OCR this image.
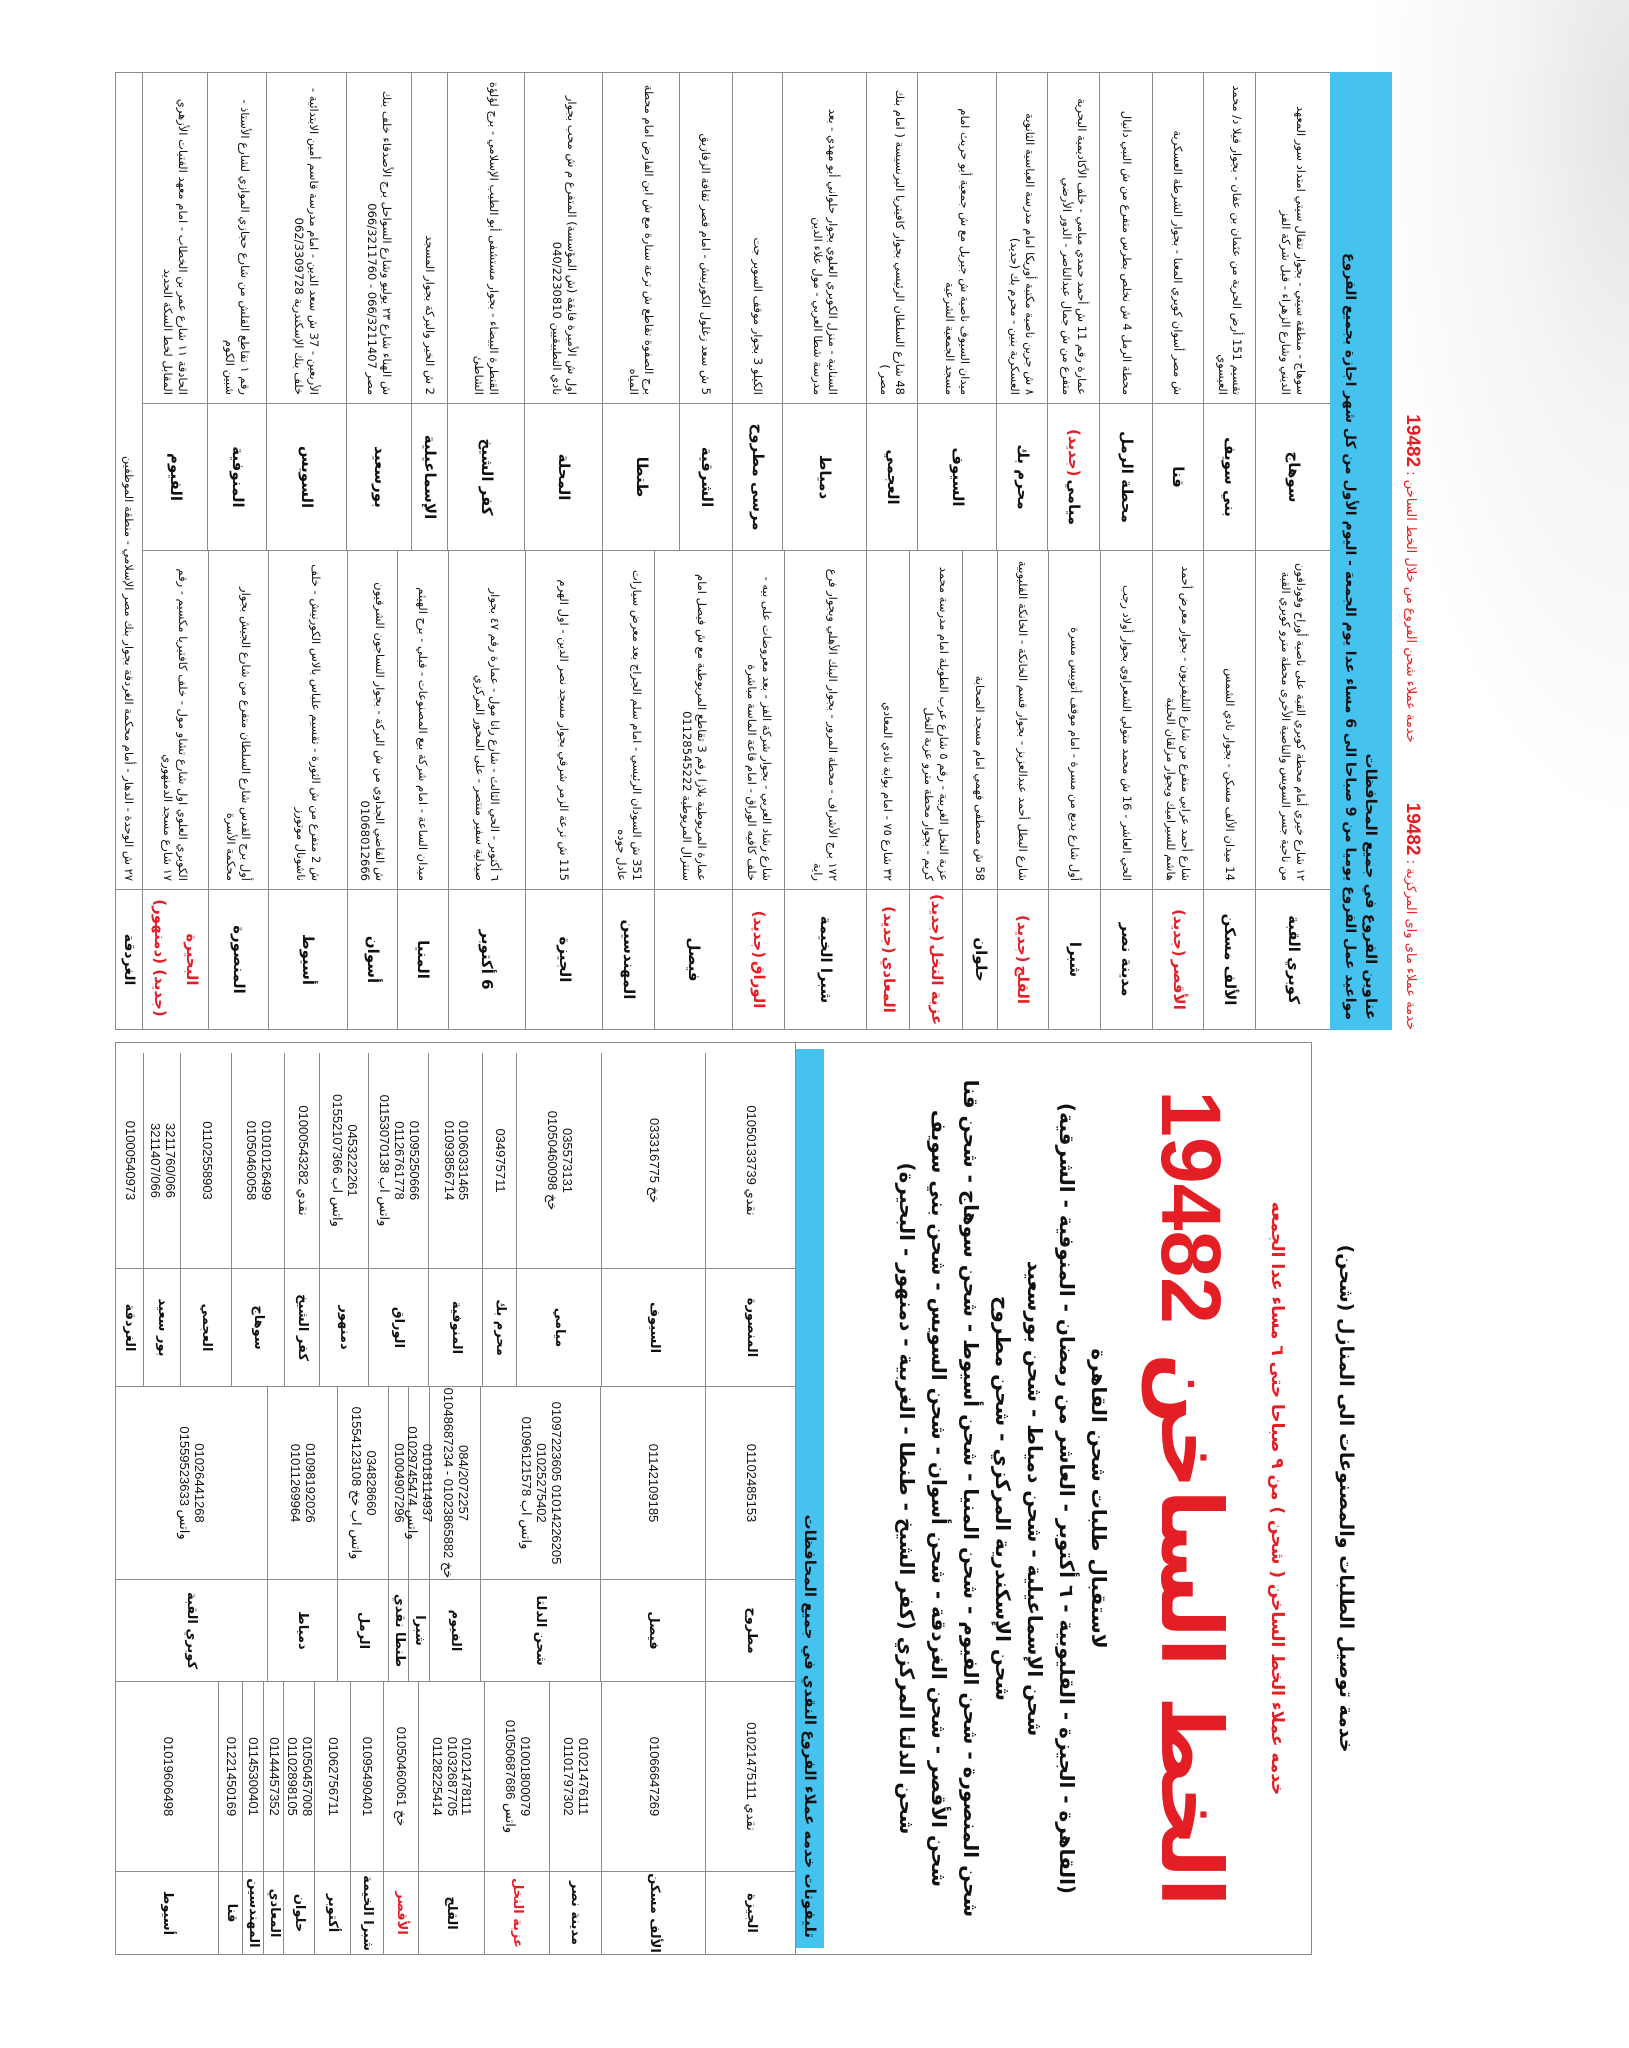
خدمة عملاء ماى واى المركزية : 19482
خدمة عملاء شحن الفروع من خلال الخط الساخن : 19482
عناوين الفروع في جميع المحافظات
مواعيد عمل الفروع يوميا من 9 صباحا الى 6 مساء عدا يوم الجمعة - اليوم الأول من كل شهر اجازة بجميع الفروع
كوبري القبة
١٢ شارع خيري أمام محطة كوبري القبة على ناصية أوراح وفودافون من ناحية جسر السويس والناصية الأخرى محطة مترو كوبري القبة
الألف مسكن
14 ميدان الألف مسكن - بجوار نادي الشمس
الأقصر
(جديد)
شارع أحمد عرابي متفرع من شارع التليفزيون - بجوار معرض أحمد هاشم للسيراميك وبجوار مزلقان الحلبة
مدينة نصر
الحي العاشر - 16 ش محمد متولي الشعراوي بجوار أولاد رجب
شبرا
أول شارع بديع من مسرة - امام موقف أتوبيس مسرة
القلج
(جديد)
شارع البطل أحمد عبدالعزيز - بجوار قسم الخانكة - الخانكة القليوبية
حلوان
58 ش مصطفى فهمي امام مسجد الصحابة
عزبة النخل
(جديد)
عزبة النخل الغربية - رقم ٥ شارع عرب الطويلة امام مدرسة محمد كريم - بجوار محطة مترو عزبة النخل
المعادي
(جديد)
٣٢ شارع ٧٥ - امام بوابة نادي المعادي
شبرا الخيمة
١٧٢ برج الأشراف - محطة المرور - بجوار البنك الأهلي وبجوار فرع راية
الوراق
(جديد)
شارع رشاد العربي - بجوار شركة الفز - بعد معروضات على بيه - خلف كافيه الوراق - امام قاعة الماسة مباشرة
فيصل
عمارة المريوطية بلازا رقم 3 تقاطع المريوطية مع ش فيصل امام سنترال المريوطية 01128545222
المهندسين
351 ش السودان الرئيسي - امام سلم الجراج بعد معرض سيارات عادل جوده
الجيزة
115 ش ترعة الزمر شرقي بجوار مسجد نصر الدين - اول الهرم
6 أكتوبر
٦ أكتوبر - الحي الثالث - شارع رانا مول - عمارة رقم ٤٧ بجوار صيدلية سفير منتصر - على المحور المركزي
المنيا
ميدان الساعة - امام شركة بيع المصنوعات - قبلي - برج الهيثم
أسوان
ش القاضي الجداوي من ش البركة - بجوار النساجون الشرقيون 01068012666
أسيوط
ش 2 متفرع من ش الثورة - تقسيم علباس بالاس الكورنيش - خلف ناشونال موتورز
المنصورة
أول برج القدس شارع السلطان متفرع من شارع الجيش بجوار محكمة الأسرة
البحيرة
(جديد) (دمنهور)
الكوبري العلوي اول شارع تشاو مول - خلف كافتيريا مكسيم - رقم ١٧ شارع مسجد الدمنهوري
سوهاج
سوهاج - منطقة سيتي - بجوار نتفال سيتي امتداد سور المعهد الديني وشارع الزهراء - قبل شركة الفز
بني سويف
تقسيم 151 أرض الحرية من عثمان بن عفان - بجوار فيلا د/ محمد العيسوي
قنا
ش مصر أسوان كوبري المعنا - بجوار الشرطة العسكرية
محطة الرمل
محطة الرمل 4 ش نخلص بطرس متفرع من ش النبي دانيال
ميامي
(جديد)
عمارة رقم 11 ش أحمد حمدي ميامي - خلف الأكاديمية البحرية متفرع من ش جمال عبدالناصر - الدور الأرضي
محرم بك
٨ ش جرين ناصية مكتبة أوريكا امام مدرسة العباسية الثانوية العسكرية بنين - محرم بك (جديد)
السيوف
ميدان السيوف ناصية ش جبريل مع ش جمعية أبو حريث امام مسجد الجمعية الشرعية
العجمي
48 شارع السلطان الرئيسي بجوار كافيتريا البرنسيسة ( امام بنك مصر )
دمياط
السنانية - منزل الكوبري العلوي بجوار حلواني أبو مهدي - بعد مدرسة شطا العربي - مول علاء الدين
مرسى مطروح
الكيلو 3 بجوار موقف السوبر جت
الشرقية
5 ش سعد زغلول الكورنيش - امام قصر ثقافة الزقازيق
طنطا
برج الصفوة تقاطع ش ترعة سنارة مع ش ابن الفارض امام محطة المياه
المحلة
اول ش الأميرة فايقة (ش المؤسسة) المتفرع م ش محب بجوار نادي التطبيقيين 040/2230810
كفر الشيخ
القنطرة البيضاء - بجوار مستشفى أبو الطيب الإسلامي - برج لؤلؤة الشاطئ
الإسماعيلية
2 ش الخير والبركة بجوار المسجد
بورسعيد
ش الهناء شارع ٢٣ يوليو وشارع السواحل برج الأصدقاء خلف بنك مصر 066/3211407 - 066/3211760
السويس
الأربعين - 37 ش سعد الدين - امام مدرسة قاسم أمين الابتدائية - خلف بنك الإسكندرية 062/3309728
المنوفية
رقم ١ تقاطع القلش من شارع حجازي الموازي لشارع الأستاذ - شبين الكوم
الفيوم
الحادقة ١١ شارع عمر بن الخطاب - امام معهد الفتيات الأزهري المقابل لخط السكة الحديد
الغردقة
٢٧ ش الوحدة - الدهار - أمام محكمة الغردقة بجوار بنك مصر الإسلامي - منطقة الموظفين
خدمة توصيل الطلبات والمصنوعات الى المنازل (شحن)
خدمه عملاء الخط الساخن ( شحن ) من ٩ صباحا حتى ٦ مساء عدا الجمعه
الخط الساخن 19482
لاستقبال طلبات شحن القاهرة
(القاهرة - الجيزة - القليوبية - ٦ أكتوبر - العاشر من رمضان - المنوفية - الشرقية)
شحن الإسماعيلية - شحن دمياط - شحن بورسعيد
شحن الإسكندرية المركزي - شحن مطروح
شحن المنصورة - شحن الفيوم - شحن المنيا - شحن أسيوط - شحن سوهاج - شحن قنا
شحن الأقصر - شحن الغردقة - شحن أسوان - شحن السويس - شحن بني سويف
شحن الدلتا المركزي (كفر الشيخ - طنطا - الغربية - دمنهور - البحيرة)
تليفونات خدمه عملاء الفروع النقدي في جميع المحافظات
الجيزة
نقدي 01021475111
الألف مسكن
01066647269
مدينة نصر
01021476111
01101797302
عزبة النخل
01001800079
واتس 01050687686
القلج
01021478111
01032687705
01128225414
الأقصر
خخ 01050460061
شبرا الخيمة
01095490401
أكتوبر
01062756711
حلوان
01050457008
01102898105
المعادي
01144457352
المهندسين
01145300401
قنا
01221450169
أسيوط
01019606498
مطروح
01102485153
فيصل
01142109185
شحن الدلتا
01097223605 01014226205
01025275402
واتس اب 01096121578
الفيوم
084/2072257
01048687234 - 01023865882 خخ
شبرا
01018114937
واتس 01029745474
طنطا نقدي
01004907296
الرمل
034828660
واتس اب خخ 01554123108
دمياط
01098192026
01011269964
كوبري القبة
01026441268
واتس 01559523633
المنصورة
نقدي 01050133739
السيوف
خخ 033316775
ميامي
035573131
خخ 01050460098
محرم بك
034975711
المنوفية
01060331465
01093856714
الوراق
01095250666
01126761778
واتس اب 01153070138
دمنهور
0453222261
واتس اب 01552107366
كفر الشيخ
نقدي 01000543282
سوهاج
01010126499
01050460058
العجمي
01102558903
بور سعيد
3211760/066
3211407/066
الغردقة
01000540973
